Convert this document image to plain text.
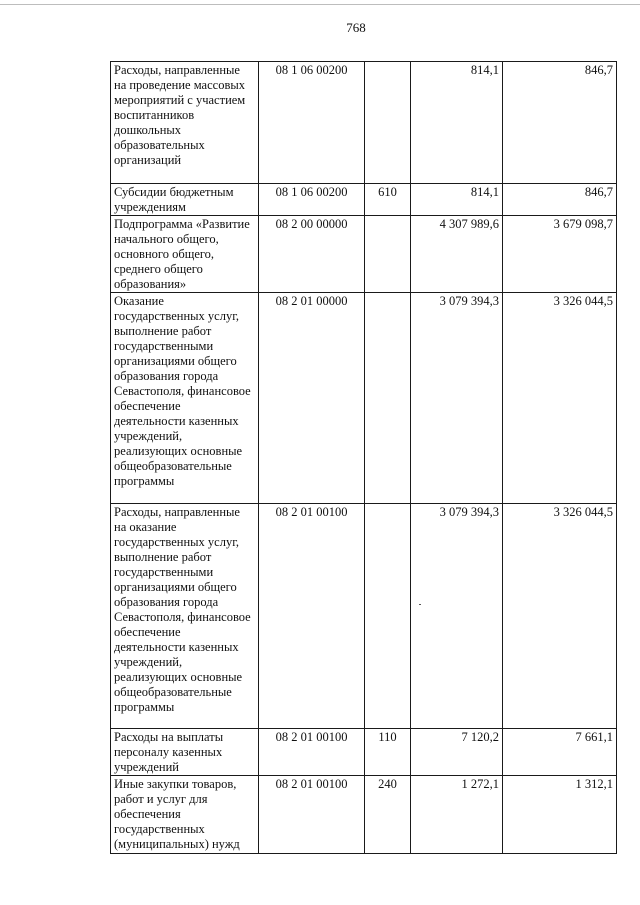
768
Расходы, направленные на проведение массовых мероприятий с участием воспитанников дошкольных образовательных организаций	08 1 06 00200		814,1	846,7
Субсидии бюджетным учреждениям	08 1 06 00200	610	814,1	846,7
Подпрограмма «Развитие начального общего, основного общего, среднего общего образования»	08 2 00 00000		4 307 989,6	3 679 098,7
Оказание государственных услуг, выполнение работ государственными организациями общего образования города Севастополя, финансовое обеспечение деятельности казенных учреждений, реализующих основные общеобразовательные программы	08 2 01 00000		3 079 394,3	3 326 044,5
Расходы, направленные на оказание государственных услуг, выполнение работ государственными организациями общего образования города Севастополя, финансовое обеспечение деятельности казенных учреждений, реализующих основные общеобразовательные программы	08 2 01 00100		3 079 394,3	3 326 044,5
Расходы на выплаты персоналу казенных учреждений	08 2 01 00100	110	7 120,2	7 661,1
Иные закупки товаров, работ и услуг для обеспечения государственных (муниципальных) нужд	08 2 01 00100	240	1 272,1	1 312,1
